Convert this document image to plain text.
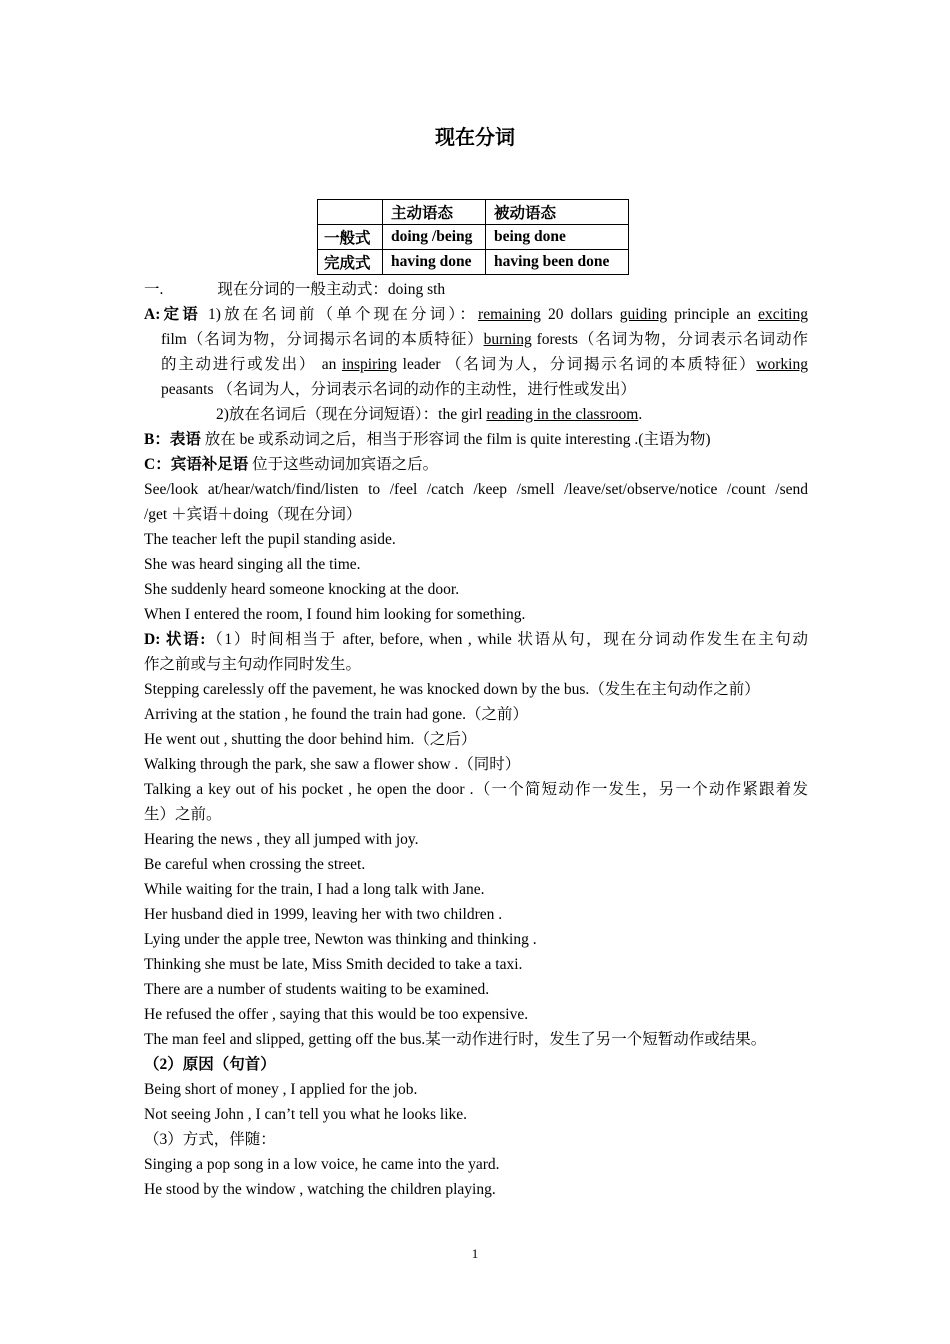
现在分词
	主动语态	被动语态
一般式	doing /being	being done
完成式	having done	having been done
一.	现在分词的一般主动式：doing sth
A:定语 1)放在名词前（单个现在分词）：remaining 20 dollars guiding principle an exciting
film（名词为物，分词揭示名词的本质特征）burning forests（名词为物，分词表示名词动作
的主动进行或发出） an inspiring leader （名词为人，分词揭示名词的本质特征）working
peasants （名词为人，分词表示名词的动作的主动性，进行性或发出）
2)放在名词后（现在分词短语）：the girl reading in the classroom.
B：表语 放在 be 或系动词之后，相当于形容词 the film is quite interesting .(主语为物)
C：宾语补足语 位于这些动词加宾语之后。
See/look at/hear/watch/find/listen to /feel /catch /keep /smell /leave/set/observe/notice /count /send
/get ＋宾语＋doing（现在分词）
The teacher left the pupil standing aside.
She was heard singing all the time.
She suddenly heard someone knocking at the door.
When I entered the room, I found him looking for something.
D: 状语:（1）时间相当于 after, before, when , while 状语从句，现在分词动作发生在主句动
作之前或与主句动作同时发生。
Stepping carelessly off the pavement, he was knocked down by the bus.（发生在主句动作之前）
Arriving at the station , he found the train had gone.（之前）
He went out , shutting the door behind him.（之后）
Walking through the park, she saw a flower show .（同时）
Talking a key out of his pocket , he open the door .（一个简短动作一发生，另一个动作紧跟着发
生）之前。
Hearing the news , they all jumped with joy.
Be careful when crossing the street.
While waiting for the train, I had a long talk with Jane.
Her husband died in 1999, leaving her with two children .
Lying under the apple tree, Newton was thinking and thinking .
Thinking she must be late, Miss Smith decided to take a taxi.
There are a number of students waiting to be examined.
He refused the offer , saying that this would be too expensive.
The man feel and slipped, getting off the bus.某一动作进行时，发生了另一个短暂动作或结果。
（2）原因（句首）
Being short of money , I applied for the job.
Not seeing John , I can’t tell you what he looks like.
（3）方式，伴随：
Singing a pop song in a low voice, he came into the yard.
He stood by the window , watching the children playing.
1
